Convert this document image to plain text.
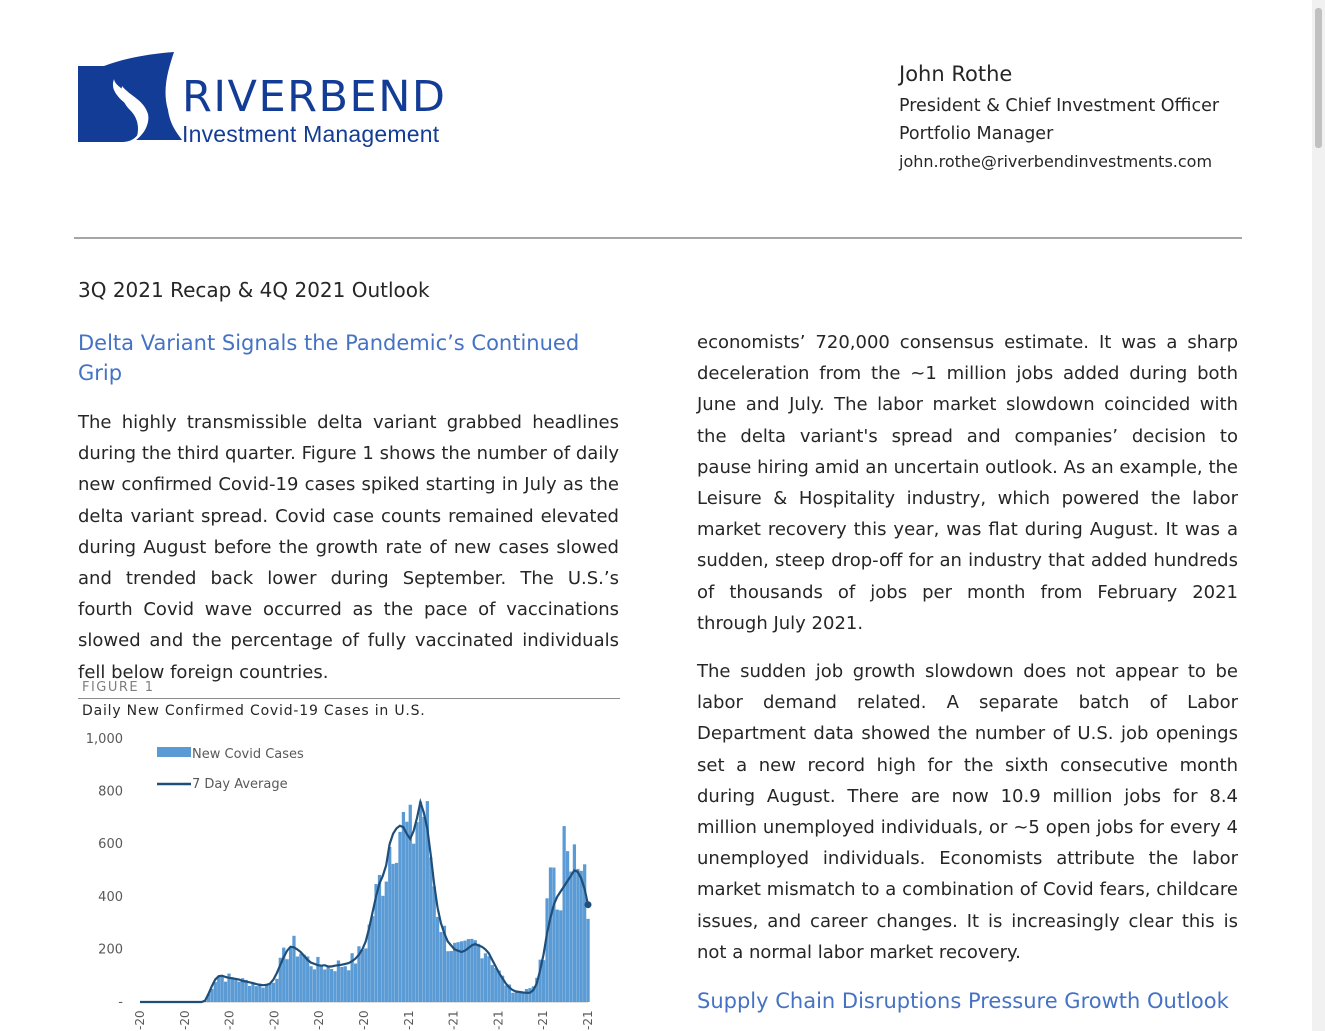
RIVERBEND
Investment Management
John Rothe
President & Chief Investment Officer
Portfolio Manager
john.rothe@riverbendinvestments.com
3Q 2021 Recap & 4Q 2021 Outlook
Delta Variant Signals the Pandemic’s Continued Grip

The highly transmissible delta variant grabbed headlines during the third quarter. Figure 1 shows the number of daily new confirmed Covid-19 cases spiked starting in July as the delta variant spread. Covid case counts remained elevated during August before the growth rate of new cases slowed and trended back lower during September. The U.S.’s fourth Covid wave occurred as the pace of vaccinations slowed and the percentage of fully vaccinated individuals fell below foreign countries.

economists’ 720,000 consensus estimate. It was a sharp deceleration from the ~1 million jobs added during both June and July. The labor market slowdown coincided with the delta variant's spread and companies’ decision to pause hiring amid an uncertain outlook. As an example, the Leisure & Hospitality industry, which powered the labor market recovery this year, was flat during August. It was a sudden, steep drop-off for an industry that added hundreds of thousands of jobs per month from February 2021 through July 2021.

The sudden job growth slowdown does not appear to be labor demand related. A separate batch of Labor Department data showed the number of U.S. job openings set a new record high for the sixth consecutive month during August. There are now 10.9 million jobs for 8.4 million unemployed individuals, or ~5 open jobs for every 4 unemployed individuals. Economists attribute the labor market mismatch to a combination of Covid fears, childcare issues, and career changes. It is increasingly clear this is not a normal labor market recovery.

Supply Chain Disruptions Pressure Growth Outlook
FIGURE 1
Daily New Confirmed Covid-19 Cases in U.S.
-
200
400
600
800
1,000
-20	-20	-20	-20	-20	-20	-21	-21	-21	-21	-21
New Covid Cases
7 Day Average
